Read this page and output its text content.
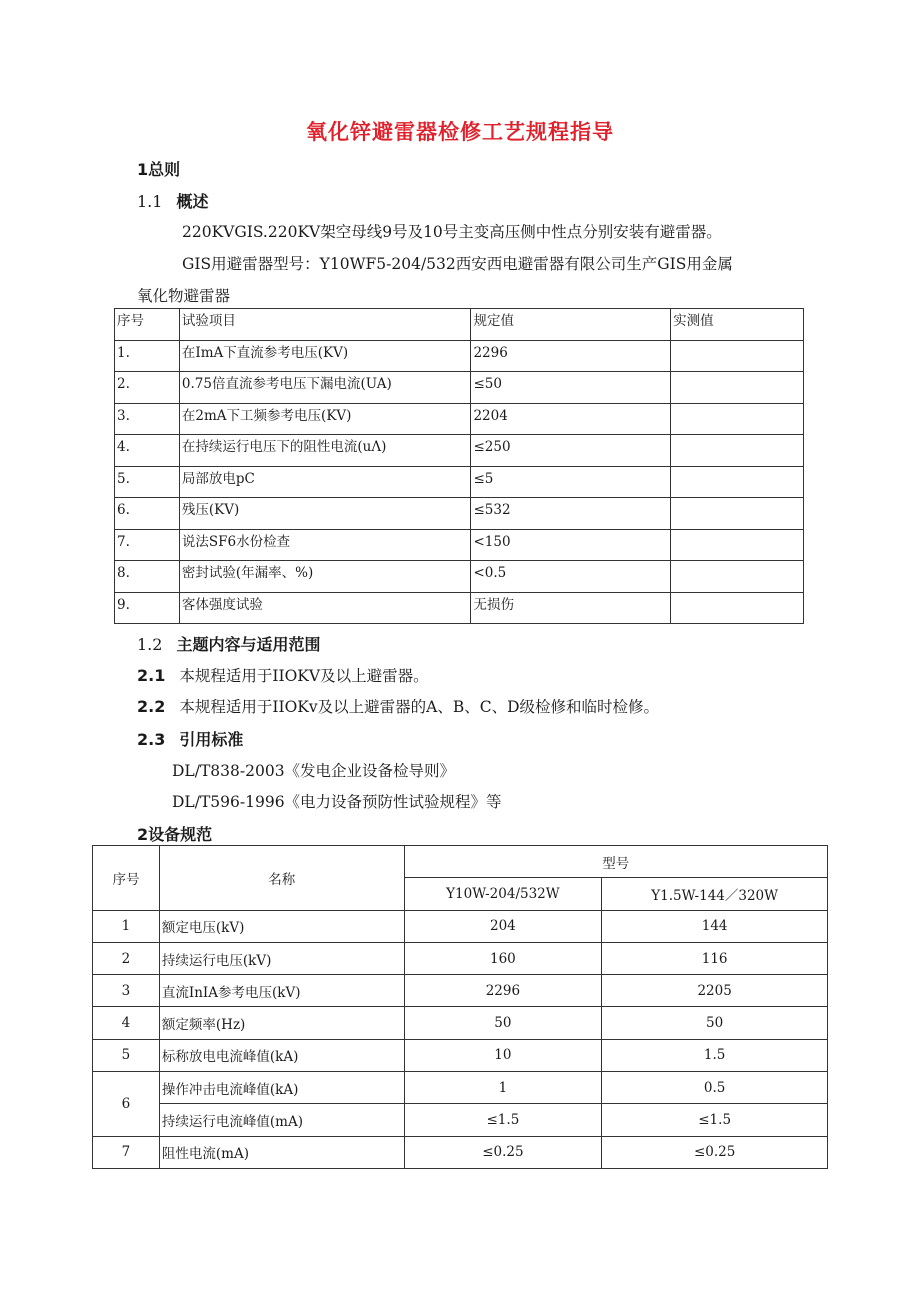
氧化锌避雷器检修工艺规程指导
1总则
1.1 概述
220KVGIS.220KV架空母线9号及10号主变高压侧中性点分别安装有避雷器。
GIS用避雷器型号：Y10WF5-204/532西安西电避雷器有限公司生产GIS用金属
氧化物避雷器
序号	试验项目	规定值	实测值
1.	在ImA下直流参考电压(KV)	2296	
2.	0.75倍直流参考电压下漏电流(UA)	≤50	
3.	在2mA下工频参考电压(KV)	2204	
4.	在持续运行电压下的阻性电流(uΛ)	≤250	
5.	局部放电pC	≤5	
6.	残压(KV)	≤532	
7.	说法SF6水份检查	<150	
8.	密封试验(年漏率、%)	<0.5	
9.	客体强度试验	无损伤	
1.2 主题内容与适用范围
2.1 本规程适用于IIOKV及以上避雷器。
2.2 本规程适用于IIOKv及以上避雷器的A、B、C、D级检修和临时检修。
2.3 引用标准
DL/T838-2003《发电企业设备检导则》
DL/T596-1996《电力设备预防性试验规程》等
2设备规范
序号	名称	型号	
		Y10W-204/532W	Y1.5W-144／320W
1	额定电压(kV)	204	144
2	持续运行电压(kV)	160	116
3	直流InIA参考电压(kV)	2296	2205
4	额定频率(Hz)	50	50
5	标称放电电流峰值(kA)	10	1.5
6	操作冲击电流峰值(kA)	1	0.5
	持续运行电流峰值(mA)	≤1.5	≤1.5
7	阻性电流(mA)	≤0.25	≤0.25
